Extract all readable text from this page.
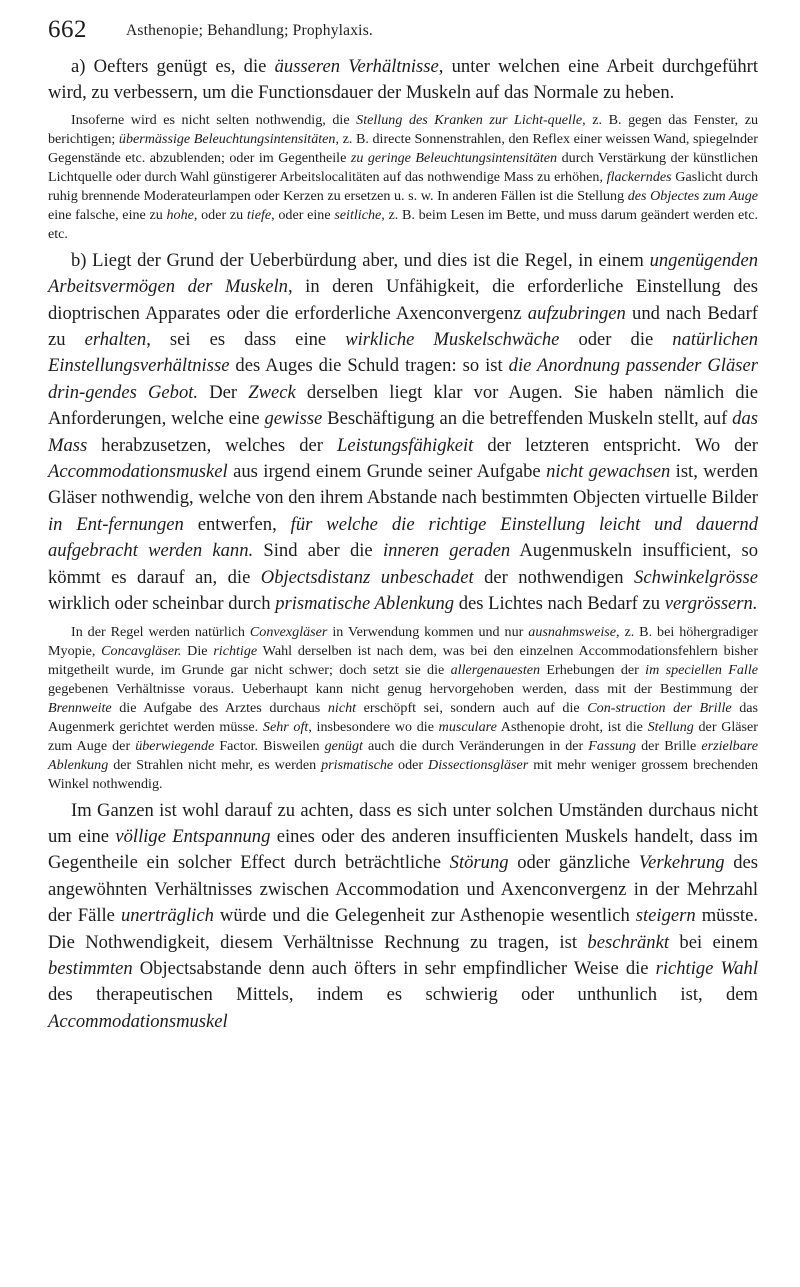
662	Asthenopie; Behandlung; Prophylaxis.

a) Oefters genügt es, die äusseren Verhältnisse, unter welchen eine Arbeit durchgeführt wird, zu verbessern, um die Functionsdauer der Muskeln auf das Normale zu heben.

Insoferne wird es nicht selten nothwendig, die Stellung des Kranken zur Licht-quelle, z. B. gegen das Fenster, zu berichtigen; übermässige Beleuchtungsintensitäten, z. B. directe Sonnenstrahlen, den Reflex einer weissen Wand, spiegelnder Gegenstände etc. abzublenden; oder im Gegentheile zu geringe Beleuchtungsintensitäten durch Verstärkung der künstlichen Lichtquelle oder durch Wahl günstigerer Arbeitslocalitäten auf das nothwendige Mass zu erhöhen, flackerndes Gaslicht durch ruhig brennende Moderateurlampen oder Kerzen zu ersetzen u. s. w. In anderen Fällen ist die Stellung des Objectes zum Auge eine falsche, eine zu hohe, oder zu tiefe, oder eine seitliche, z. B. beim Lesen im Bette, und muss darum geändert werden etc. etc.

b) Liegt der Grund der Ueberbürdung aber, und dies ist die Regel, in einem ungenügenden Arbeitsvermögen der Muskeln, in deren Unfähigkeit, die erforderliche Einstellung des dioptrischen Apparates oder die erforderliche Axenconvergenz aufzubringen und nach Bedarf zu erhalten, sei es dass eine wirkliche Muskelschwäche oder die natürlichen Einstellungsverhältnisse des Auges die Schuld tragen: so ist die Anordnung passender Gläser drin-gendes Gebot. Der Zweck derselben liegt klar vor Augen. Sie haben nämlich die Anforderungen, welche eine gewisse Beschäftigung an die betreffenden Muskeln stellt, auf das Mass herabzusetzen, welches der Leistungsfähigkeit der letzteren entspricht. Wo der Accommodationsmuskel aus irgend einem Grunde seiner Aufgabe nicht gewachsen ist, werden Gläser nothwendig, welche von den ihrem Abstande nach bestimmten Objecten virtuelle Bilder in Ent-fernungen entwerfen, für welche die richtige Einstellung leicht und dauernd aufgebracht werden kann. Sind aber die inneren geraden Augenmuskeln insufficient, so kömmt es darauf an, die Objectsdistanz unbeschadet der nothwendigen Schwinkelgrösse wirklich oder scheinbar durch prismatische Ablenkung des Lichtes nach Bedarf zu vergrössern.

In der Regel werden natürlich Convexgläser in Verwendung kommen und nur ausnahmsweise, z. B. bei höhergradiger Myopie, Concavgläser. Die richtige Wahl derselben ist nach dem, was bei den einzelnen Accommodationsfehlern bisher mitgetheilt wurde, im Grunde gar nicht schwer; doch setzt sie die allergenauesten Erhebungen der im speciellen Falle gegebenen Verhältnisse voraus. Ueberhaupt kann nicht genug hervorgehoben werden, dass mit der Bestimmung der Brennweite die Aufgabe des Arztes durchaus nicht erschöpft sei, sondern auch auf die Con-struction der Brille das Augenmerk gerichtet werden müsse. Sehr oft, insbesondere wo die musculare Asthenopie droht, ist die Stellung der Gläser zum Auge der überwiegende Factor. Bisweilen genügt auch die durch Veränderungen in der Fassung der Brille erzielbare Ablenkung der Strahlen nicht mehr, es werden prismatische oder Dissectionsgläser mit mehr weniger grossem brechenden Winkel nothwendig.

Im Ganzen ist wohl darauf zu achten, dass es sich unter solchen Umständen durchaus nicht um eine völlige Entspannung eines oder des anderen insufficienten Muskels handelt, dass im Gegentheile ein solcher Effect durch beträchtliche Störung oder gänzliche Verkehrung des angewöhnten Verhältnisses zwischen Accommodation und Axenconvergenz in der Mehrzahl der Fälle unerträglich würde und die Gelegenheit zur Asthenopie wesentlich steigern müsste. Die Nothwendigkeit, diesem Verhältnisse Rechnung zu tragen, ist beschränkt bei einem bestimmten Objectsabstande denn auch öfters in sehr empfindlicher Weise die richtige Wahl des therapeutischen Mittels, indem es schwierig oder unthunlich ist, dem Accommodationsmuskel
